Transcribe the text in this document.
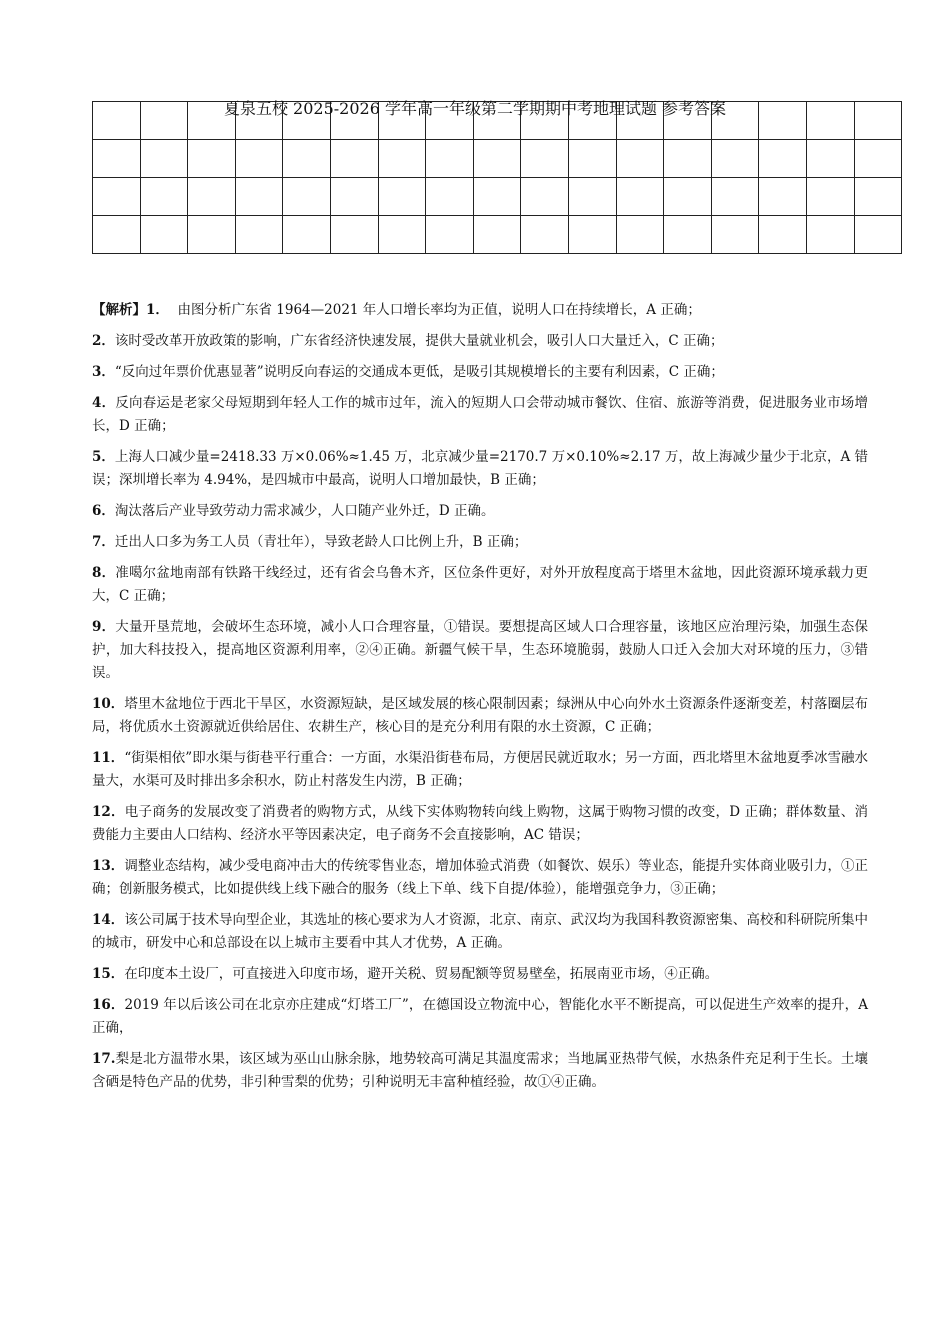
夏泉五校 2025-2026 学年高一年级第二学期期中考地理试题 参考答案

【解析】1． 由图分析广东省 1964—2021 年人口增长率均为正值，说明人口在持续增长，A 正确；
2．该时受改革开放政策的影响，广东省经济快速发展，提供大量就业机会，吸引人口大量迁入，C 正确；
3．“反向过年票价优惠显著”说明反向春运的交通成本更低，是吸引其规模增长的主要有利因素，C 正确；
4．反向春运是老家父母短期到年轻人工作的城市过年，流入的短期人口会带动城市餐饮、住宿、旅游等消费，促进服务业市场增长，D 正确；
5．上海人口减少量=2418.33 万×0.06%≈1.45 万，北京减少量=2170.7 万×0.10%≈2.17 万，故上海减少量少于北京，A 错误；深圳增长率为 4.94%，是四城市中最高，说明人口增加最快，B 正确；
6．淘汰落后产业导致劳动力需求减少，人口随产业外迁，D 正确。
7．迁出人口多为务工人员（青壮年），导致老龄人口比例上升，B 正确；
8．准噶尔盆地南部有铁路干线经过，还有省会乌鲁木齐，区位条件更好，对外开放程度高于塔里木盆地，因此资源环境承载力更大，C 正确；
9．大量开垦荒地，会破坏生态环境，减小人口合理容量，①错误。要想提高区域人口合理容量，该地区应治理污染，加强生态保护，加大科技投入，提高地区资源利用率，②④正确。新疆气候干旱，生态环境脆弱，鼓励人口迁入会加大对环境的压力，③错误。
10．塔里木盆地位于西北干旱区，水资源短缺，是区域发展的核心限制因素；绿洲从中心向外水土资源条件逐渐变差，村落圈层布局，将优质水土资源就近供给居住、农耕生产，核心目的是充分利用有限的水土资源，C 正确；
11．“街渠相依”即水渠与街巷平行重合：一方面，水渠沿街巷布局，方便居民就近取水；另一方面，西北塔里木盆地夏季冰雪融水量大，水渠可及时排出多余积水，防止村落发生内涝，B 正确；
12．电子商务的发展改变了消费者的购物方式，从线下实体购物转向线上购物，这属于购物习惯的改变，D 正确；群体数量、消费能力主要由人口结构、经济水平等因素决定，电子商务不会直接影响，AC 错误；
13．调整业态结构，减少受电商冲击大的传统零售业态，增加体验式消费（如餐饮、娱乐）等业态，能提升实体商业吸引力，①正确；创新服务模式，比如提供线上线下融合的服务（线上下单、线下自提/体验），能增强竞争力，③正确；
14．该公司属于技术导向型企业，其选址的核心要求为人才资源，北京、南京、武汉均为我国科教资源密集、高校和科研院所集中的城市，研发中心和总部设在以上城市主要看中其人才优势，A 正确。
15．在印度本土设厂，可直接进入印度市场，避开关税、贸易配额等贸易壁垒，拓展南亚市场，④正确。
16．2019 年以后该公司在北京亦庄建成“灯塔工厂”，在德国设立物流中心，智能化水平不断提高，可以促进生产效率的提升，A 正确，
17.梨是北方温带水果，该区域为巫山山脉余脉，地势较高可满足其温度需求；当地属亚热带气候，水热条件充足利于生长。土壤含硒是特色产品的优势，非引种雪梨的优势；引种说明无丰富种植经验，故①④正确。
